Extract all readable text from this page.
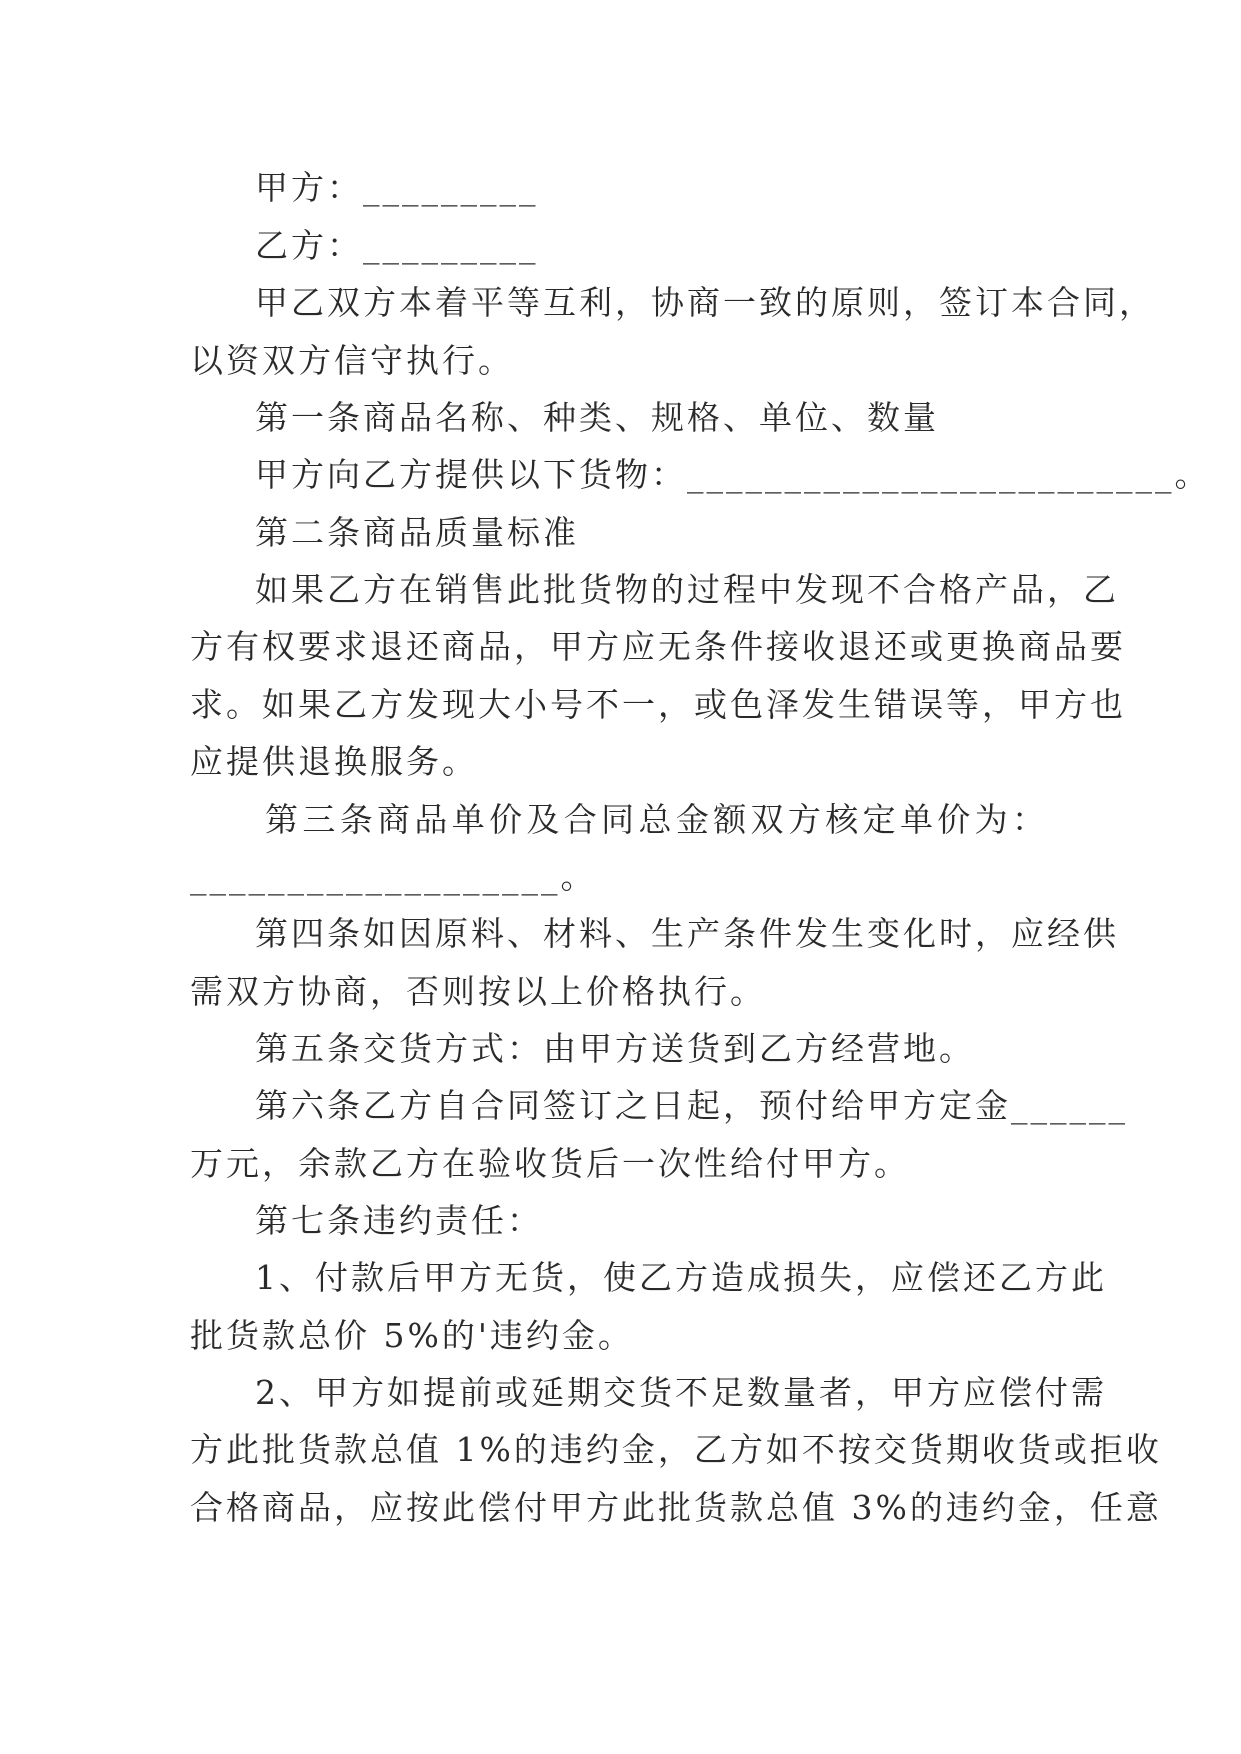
甲方：_________
乙方：_________
甲乙双方本着平等互利，协商一致的原则，签订本合同，
以资双方信守执行。
第一条商品名称、种类、规格、单位、数量
甲方向乙方提供以下货物：_________________________。
第二条商品质量标准
如果乙方在销售此批货物的过程中发现不合格产品，乙
方有权要求退还商品，甲方应无条件接收退还或更换商品要
求。如果乙方发现大小号不一，或色泽发生错误等，甲方也
应提供退换服务。
第三条商品单价及合同总金额双方核定单价为：
___________________。
第四条如因原料、材料、生产条件发生变化时，应经供
需双方协商，否则按以上价格执行。
第五条交货方式：由甲方送货到乙方经营地。
第六条乙方自合同签订之日起，预付给甲方定金______
万元，余款乙方在验收货后一次性给付甲方。
第七条违约责任：
1、付款后甲方无货，使乙方造成损失，应偿还乙方此
批货款总价 5%的'违约金。
2、甲方如提前或延期交货不足数量者，甲方应偿付需
方此批货款总值 1%的违约金，乙方如不按交货期收货或拒收
合格商品，应按此偿付甲方此批货款总值 3%的违约金，任意
